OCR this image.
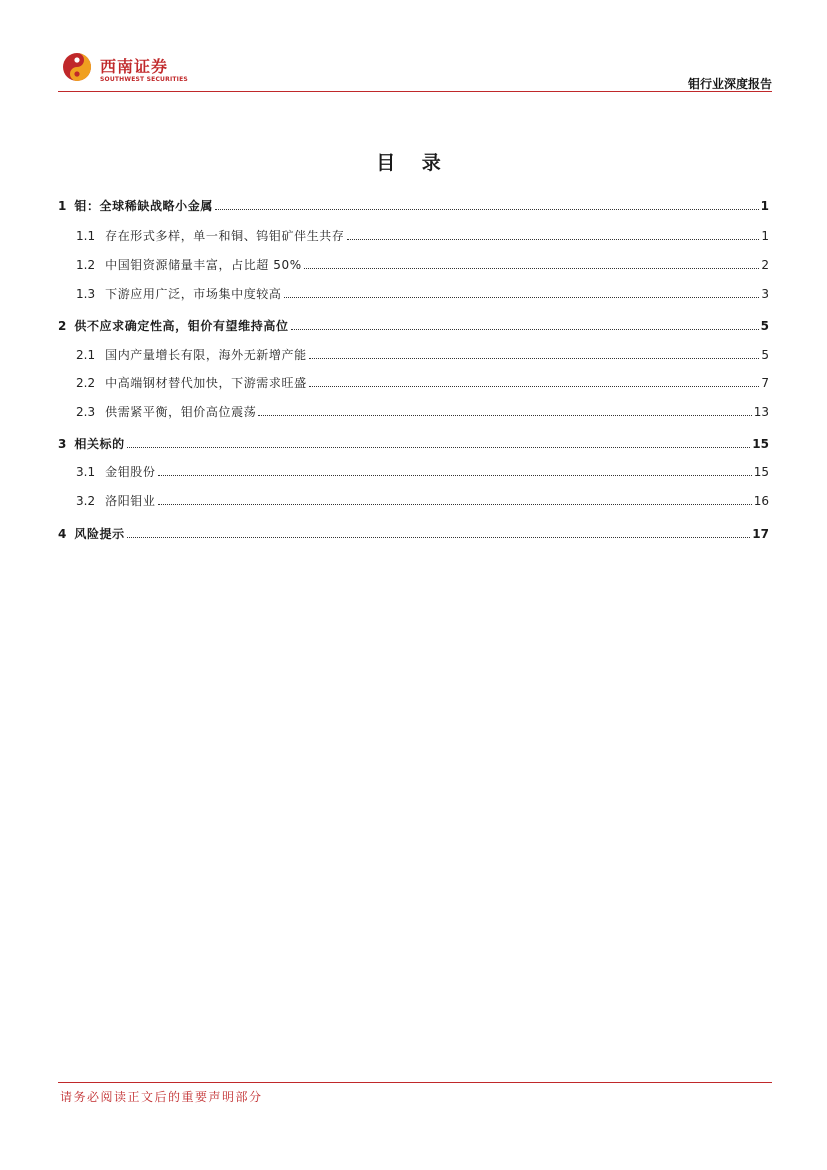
西南证券
SOUTHWEST SECURITIES	钼行业深度报告
目 录
1 钼：全球稀缺战略小金属	1
1.1 存在形式多样，单一和铜、钨钼矿伴生共存	1
1.2 中国钼资源储量丰富，占比超 50%	2
1.3 下游应用广泛，市场集中度较高	3
2 供不应求确定性高，钼价有望维持高位	5
2.1 国内产量增长有限，海外无新增产能	5
2.2 中高端钢材替代加快，下游需求旺盛	7
2.3 供需紧平衡，钼价高位震荡	13
3 相关标的	15
3.1 金钼股份	15
3.2 洛阳钼业	16
4 风险提示	17
请务必阅读正文后的重要声明部分
